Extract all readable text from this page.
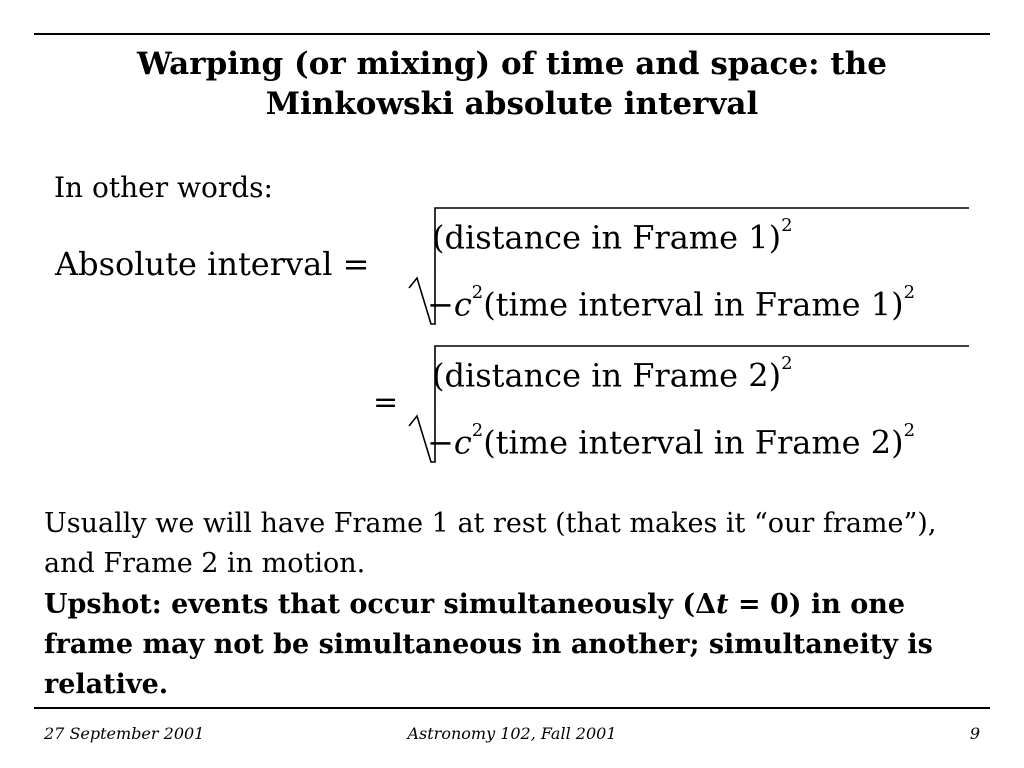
Warping (or mixing) of time and space: the
Minkowski absolute interval
In other words:
Absolute interval =
(distance in Frame 1)$^2$
$-c^2(time$ interval in Frame 1)$^2$
=
(distance in Frame 2)$^2$
$-c^2(time$ interval in Frame 2)$^2$
Usually we will have Frame 1 at rest (that makes it “our frame”), and Frame 2 in motion.
Upshot: events that occur simultaneously (Δt = 0) in one frame may not be simultaneous in another; simultaneity is relative.
27 September 2001	Astronomy 102, Fall 2001	9
